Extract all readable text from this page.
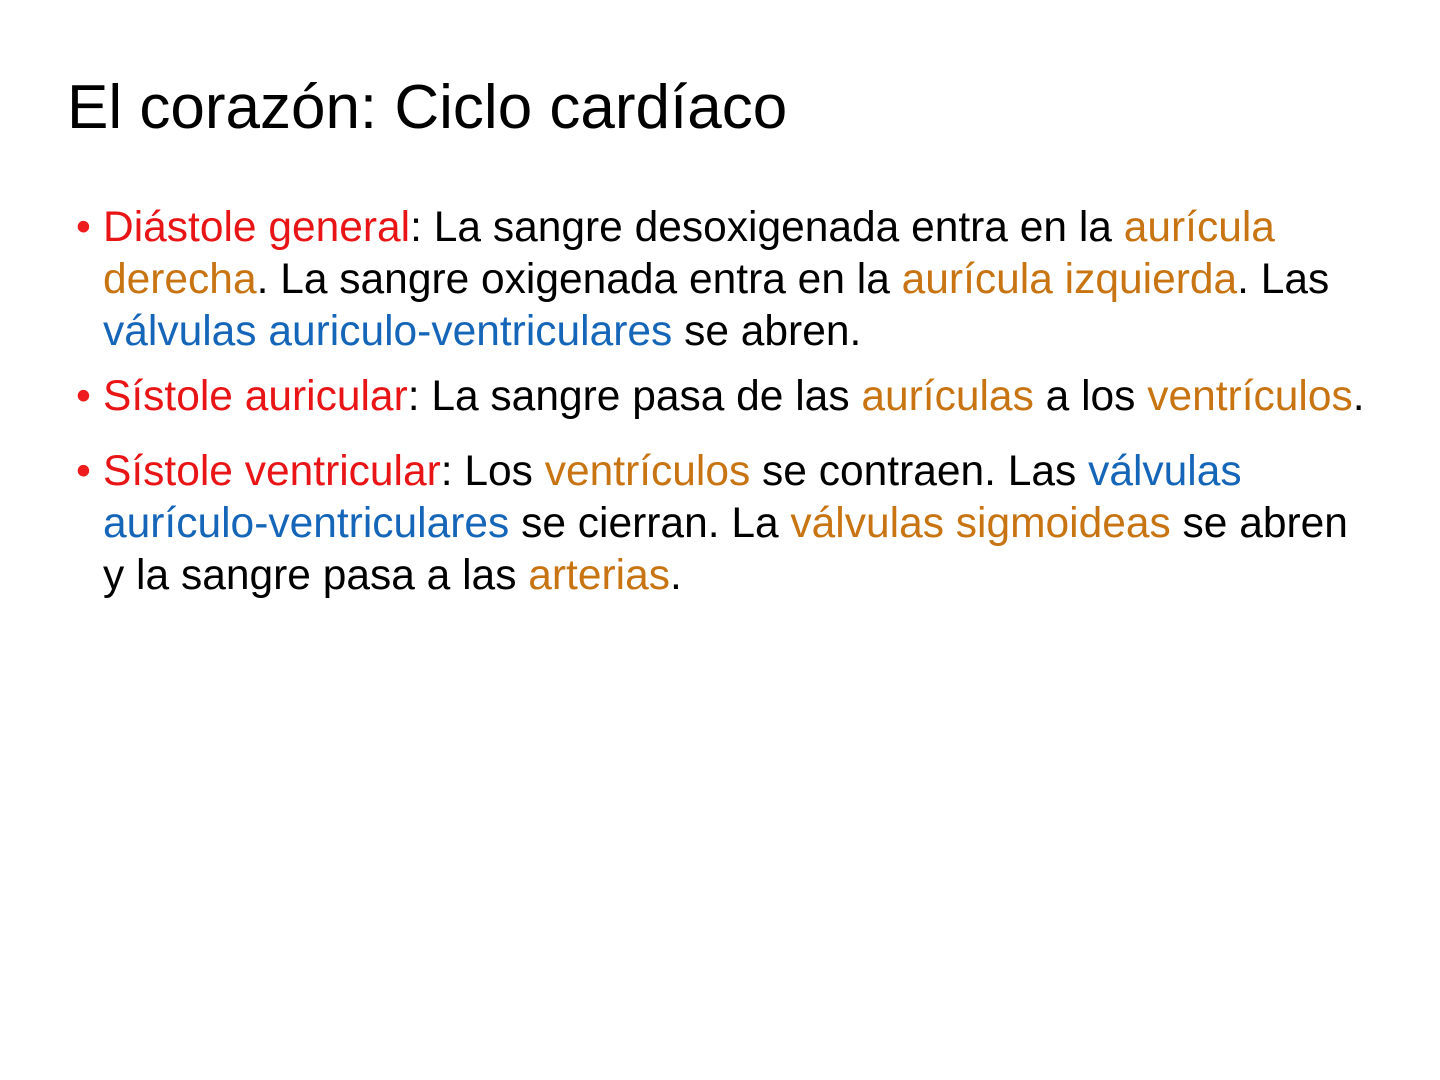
El corazón: Ciclo cardíaco
• Diástole general: La sangre desoxigenada entra en la aurícula derecha. La sangre oxigenada entra en la aurícula izquierda. Las válvulas auriculo-ventriculares se abren.
• Sístole auricular: La sangre pasa de las aurículas a los ventrículos.
• Sístole ventricular: Los ventrículos se contraen. Las válvulas aurículo-ventriculares se cierran. La válvulas sigmoideas se abren y la sangre pasa a las arterias.
